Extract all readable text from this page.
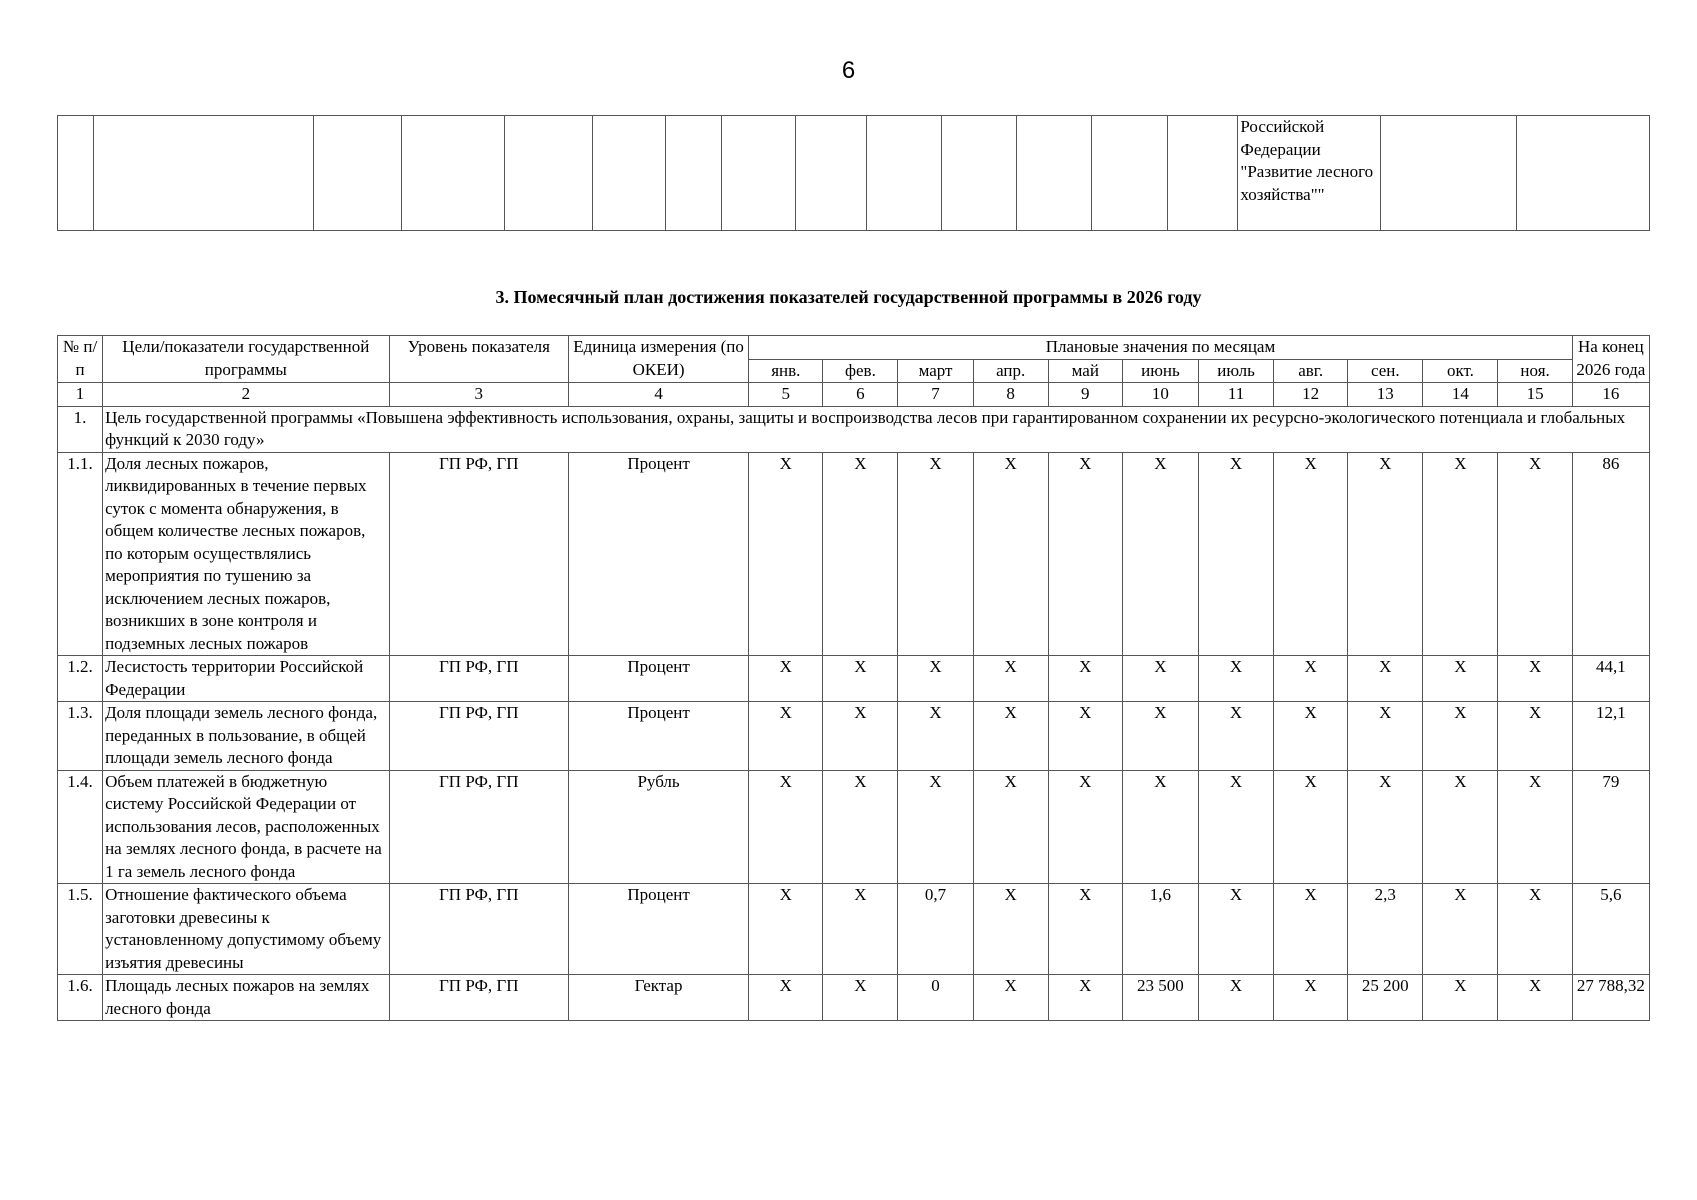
6
														Российской Федерации "Развитие лесного хозяйства""		
3. Помесячный план достижения показателей государственной программы в 2026 году
№ п/п	Цели/показатели государственной программы	Уровень показателя	Единица измерения (по ОКЕИ)	Плановые значения по месяцам											На конец 2026 года
				янв.	фев.	март	апр.	май	июнь	июль	авг.	сен.	окт.	ноя.	
1	2	3	4	5	6	7	8	9	10	11	12	13	14	15	16
1.	Цель государственной программы «Повышена эффективность использования, охраны, защиты и воспроизводства лесов при гарантированном сохранении их ресурсно-экологического потенциала и глобальных функций к 2030 году»														
1.1.	Доля лесных пожаров, ликвидированных в течение первых суток с момента обнаружения, в общем количестве лесных пожаров, по которым осуществлялись мероприятия по тушению за исключением лесных пожаров, возникших в зоне контроля и подземных лесных пожаров	ГП РФ, ГП	Процент	X	X	X	X	X	X	X	X	X	X	X	86
1.2.	Лесистость территории Российской Федерации	ГП РФ, ГП	Процент	X	X	X	X	X	X	X	X	X	X	X	44,1
1.3.	Доля площади земель лесного фонда, переданных в пользование, в общей площади земель лесного фонда	ГП РФ, ГП	Процент	X	X	X	X	X	X	X	X	X	X	X	12,1
1.4.	Объем платежей в бюджетную систему Российской Федерации от использования лесов, расположенных на землях лесного фонда, в расчете на 1 га земель лесного фонда	ГП РФ, ГП	Рубль	X	X	X	X	X	X	X	X	X	X	X	79
1.5.	Отношение фактического объема заготовки древесины к установленному допустимому объему изъятия древесины	ГП РФ, ГП	Процент	X	X	0,7	X	X	1,6	X	X	2,3	X	X	5,6
1.6.	Площадь лесных пожаров на землях лесного фонда	ГП РФ, ГП	Гектар	X	X	0	X	X	23 500	X	X	25 200	X	X	27 788,32
